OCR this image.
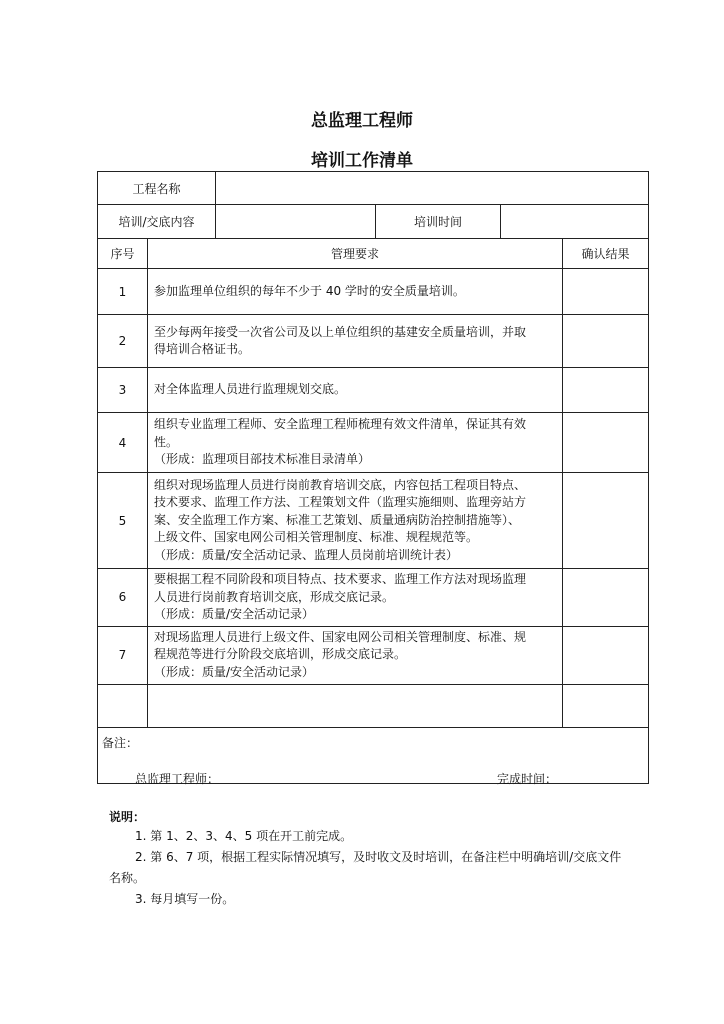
总监理工程师
培训工作清单
工程名称					
培训/交底内容			培训时间		
序号	管理要求				确认结果
1	参加监理单位组织的每年不少于 40 学时的安全质量培训。				

2	至少每两年接受一次省公司及以上单位组织的基建安全质量培训，并取
得培训合格证书。				

3	对全体监理人员进行监理规划交底。				

4	组织专业监理工程师、安全监理工程师梳理有效文件清单，保证其有效
性。
（形成：监理项目部技术标准目录清单）				

5	组织对现场监理人员进行岗前教育培训交底，内容包括工程项目特点、
技术要求、监理工作方法、工程策划文件（监理实施细则、监理旁站方
案、安全监理工作方案、标准工艺策划、质量通病防治控制措施等）、
上级文件、国家电网公司相关管理制度、标准、规程规范等。
（形成：质量/安全活动记录、监理人员岗前培训统计表）				

6	要根据工程不同阶段和项目特点、技术要求、监理工作方法对现场监理
人员进行岗前教育培训交底，形成交底记录。
（形成：质量/安全活动记录）				

7	对现场监理人员进行上级文件、国家电网公司相关管理制度、标准、规
程规范等进行分阶段交底培训，形成交底记录。
（形成：质量/安全活动记录）				

备注：					
总监理工程师：	完成时间：
说明：

1. 第 1、2、3、4、5 项在开工前完成。

2. 第 6、7 项，根据工程实际情况填写，及时收文及时培训，在备注栏中明确培训/交底文件名称。

3. 每月填写一份。
